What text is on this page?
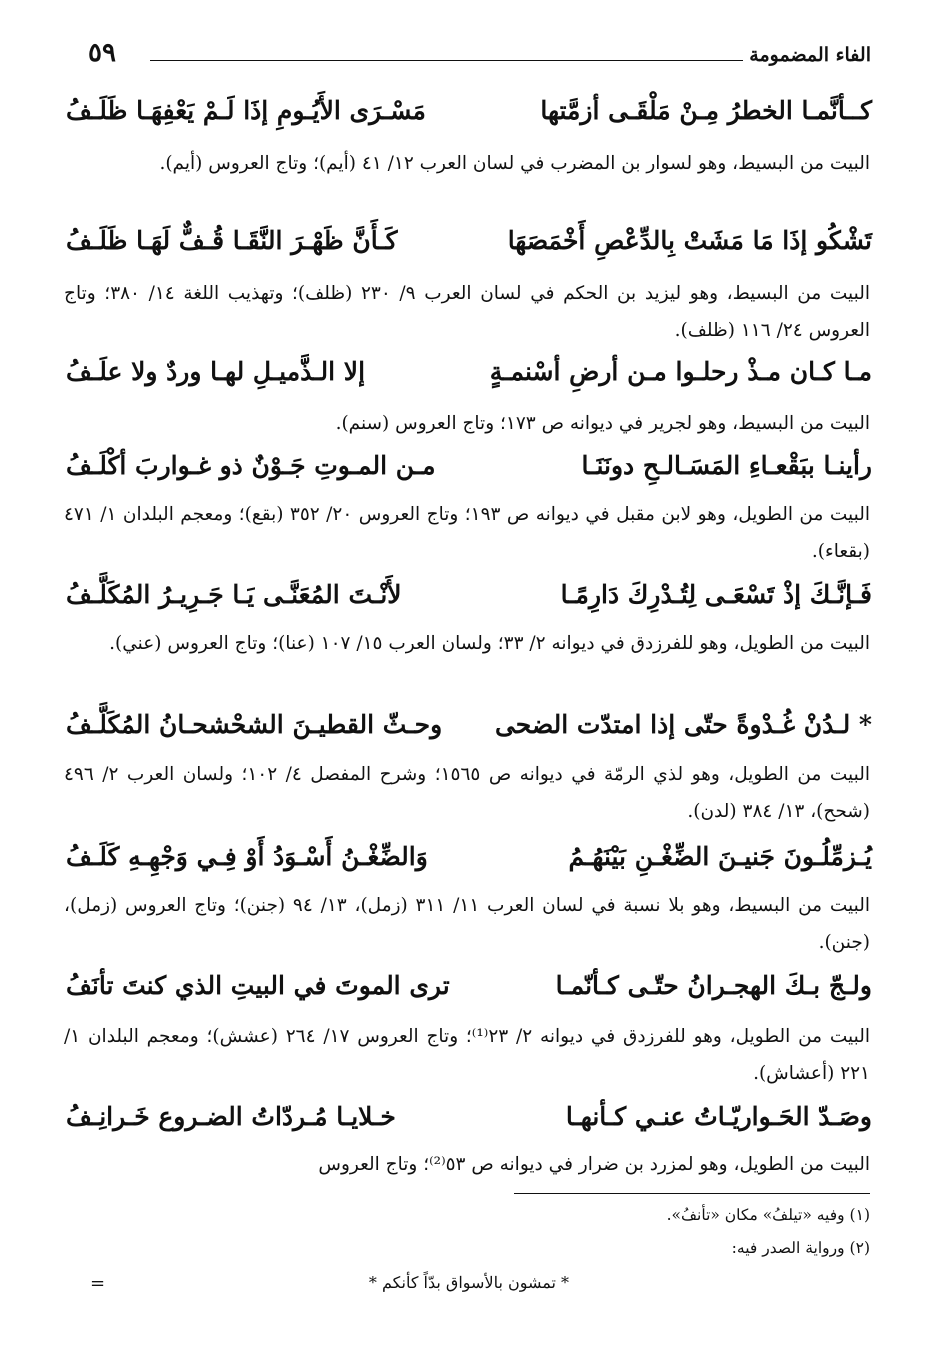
الفاء المضمومة
٥٩
كــأنَّمـا الخطرُ مِـنْ مَلْقَـى أزمَّتها
مَسْـرَى الأَيُـومِ إذَا لَـمْ يَعْفِهَـا ظَلَـفُ
البيت من البسيط، وهو لسوار بن المضرب في لسان العرب ١٢/ ٤١ (أيم)؛ وتاج العروس (أيم).
تَشْكُو إذَا مَا مَشَتْ بِالدِّعْصِ أَخْمَصَهَا
كَـأَنَّ ظَهْـرَ النَّقَـا قُـفٌّ لَهَـا ظَلَـفُ
البيت من البسيط، وهو ليزيد بن الحكم في لسان العرب ٩/ ٢٣٠ (ظلف)؛ وتهذيب اللغة ١٤/ ٣٨٠؛ وتاج العروس ٢٤/ ١١٦ (ظلف).
مـا كـان مـذْ رحلـوا مـن أرضِ أسْنمـةٍ
إلا الـذَّميـلِ لهـا وردٌ ولا علَـفُ
البيت من البسيط، وهو لجرير في ديوانه ص ١٧٣؛ وتاج العروس (سنم).
رأينـا ببَقْعـاءِ المَسَـالـحِ دونَنَـا
مـن المـوتِ جَـوْنٌ ذو غـواربَ أكْلَـفُ
البيت من الطويل، وهو لابن مقبل في ديوانه ص ١٩٣؛ وتاج العروس ٢٠/ ٣٥٢ (بقع)؛ ومعجم البلدان ١/ ٤٧١ (بقعاء).
فَـإنَّـكَ إذْ تَسْعَـى لِتُـدْرِكَ دَارِمًـا
لأَنْـتَ المُعَنَّـى يَـا جَـرِيـرُ المُكَلَّـفُ
البيت من الطويل، وهو للفرزدق في ديوانه ٢/ ٣٣؛ ولسان العرب ١٥/ ١٠٧ (عنا)؛ وتاج العروس (عني).
* لـدُنْ غُـدْوةً حتّى إذا امتدّت الضحى
وحـثّ القطيـنَ الشحْشحـانُ المُكَلَّـفُ
البيت من الطويل، وهو لذي الرمّة في ديوانه ص ١٥٦٥؛ وشرح المفصل ٤/ ١٠٢؛ ولسان العرب ٢/ ٤٩٦ (شحح)، ١٣/ ٣٨٤ (لدن).
يُـزمِّلُـونَ جَنيـنَ الضِّغْـنِ بَيْنَهُـمُ
وَالضِّغْـنُ أَسْـوَدُ أَوْ فِـي وَجْهِـهِ كَلَـفُ
البيت من البسيط، وهو بلا نسبة في لسان العرب ١١/ ٣١١ (زمل)، ١٣/ ٩٤ (جنن)؛ وتاج العروس (زمل)، (جنن).
ولـجّ بـكَ الهجـرانُ حتّـى كـأنّمـا
ترى الموتَ في البيتِ الذي كنتَ تأنَفُ
البيت من الطويل، وهو للفرزدق في ديوانه ٢/ ٢٣⁽¹⁾؛ وتاج العروس ١٧/ ٢٦٤ (عشش)؛ ومعجم البلدان ١/ ٢٢١ (أعشاش).
وصَـدّ الحَـواريّـاتُ عنـي كـأنهـا
خـلايـا مُـردّاتُ الضـروع خَـرانِـفُ
البيت من الطويل، وهو لمزرد بن ضرار في ديوانه ص ٥٣⁽²⁾؛ وتاج العروس
(١) وفيه «تيلفُ» مكان «تأنفُ».
(٢) ورواية الصدر فيه:
* تمشون بالأسواق بدّاً كأنكم *
=
